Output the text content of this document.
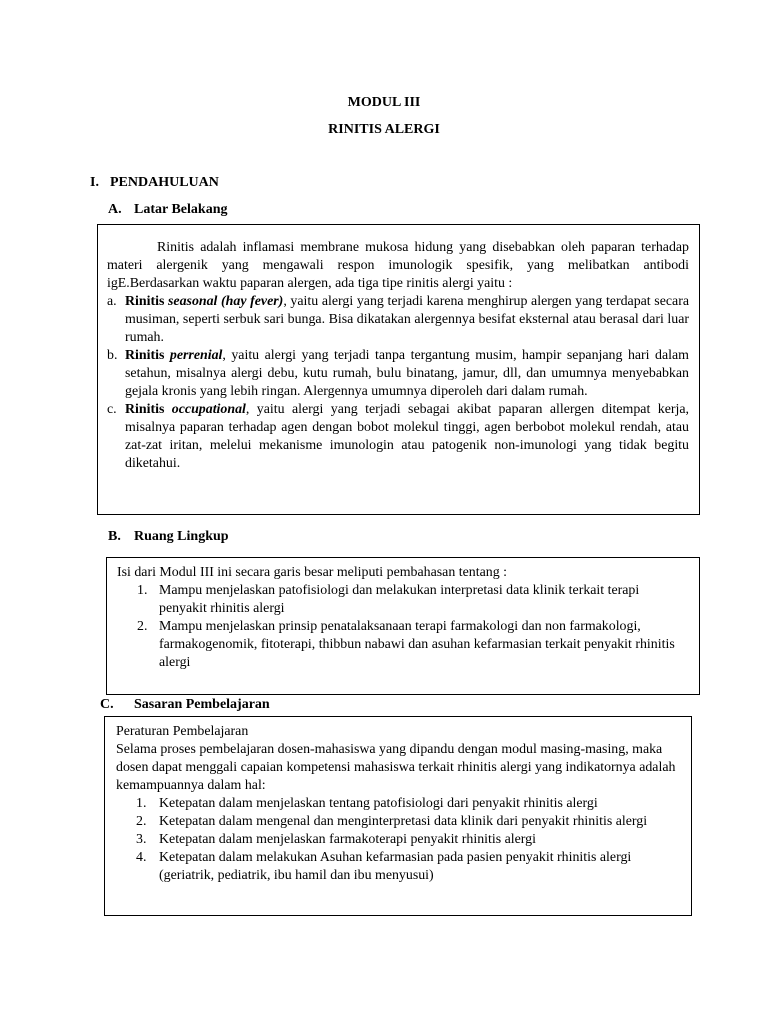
MODUL III
RINITIS ALERGI
I. PENDAHULUAN
A. Latar Belakang

Rinitis adalah inflamasi membrane mukosa hidung yang disebabkan oleh paparan terhadap materi alergenik yang mengawali respon imunologik spesifik, yang melibatkan antibodi igE.Berdasarkan waktu paparan alergen, ada tiga tipe rinitis alergi yaitu :

a. Rinitis seasonal (hay fever), yaitu alergi yang terjadi karena menghirup alergen yang terdapat secara musiman, seperti serbuk sari bunga. Bisa dikatakan alergennya besifat eksternal atau berasal dari luar rumah.
b. Rinitis perrenial, yaitu alergi yang terjadi tanpa tergantung musim, hampir sepanjang hari dalam setahun, misalnya alergi debu, kutu rumah, bulu binatang, jamur, dll, dan umumnya menyebabkan gejala kronis yang lebih ringan. Alergennya umumnya diperoleh dari dalam rumah.
c. Rinitis occupational, yaitu alergi yang terjadi sebagai akibat paparan allergen ditempat kerja, misalnya paparan terhadap agen dengan bobot molekul tinggi, agen berbobot molekul rendah, atau zat-zat iritan, melelui mekanisme imunologin atau patogenik non-imunologi yang tidak begitu diketahui.
B. Ruang Lingkup

Isi dari Modul III ini secara garis besar meliputi pembahasan tentang :

1. Mampu menjelaskan patofisiologi dan melakukan interpretasi data klinik terkait terapi penyakit rhinitis alergi
2. Mampu menjelaskan prinsip penatalaksanaan terapi farmakologi dan non farmakologi, farmakogenomik, fitoterapi, thibbun nabawi dan asuhan kefarmasian terkait penyakit rhinitis alergi
C. Sasaran Pembelajaran

Peraturan Pembelajaran

Selama proses pembelajaran dosen-mahasiswa yang dipandu dengan modul masing-masing, maka dosen dapat menggali capaian kompetensi mahasiswa terkait rhinitis alergi yang indikatornya adalah kemampuannya dalam hal:

1. Ketepatan dalam menjelaskan tentang patofisiologi dari penyakit rhinitis alergi
2. Ketepatan dalam mengenal dan menginterpretasi data klinik dari penyakit rhinitis alergi
3. Ketepatan dalam menjelaskan farmakoterapi penyakit rhinitis alergi
4. Ketepatan dalam melakukan Asuhan kefarmasian pada pasien penyakit rhinitis alergi (geriatrik, pediatrik, ibu hamil dan ibu menyusui)
